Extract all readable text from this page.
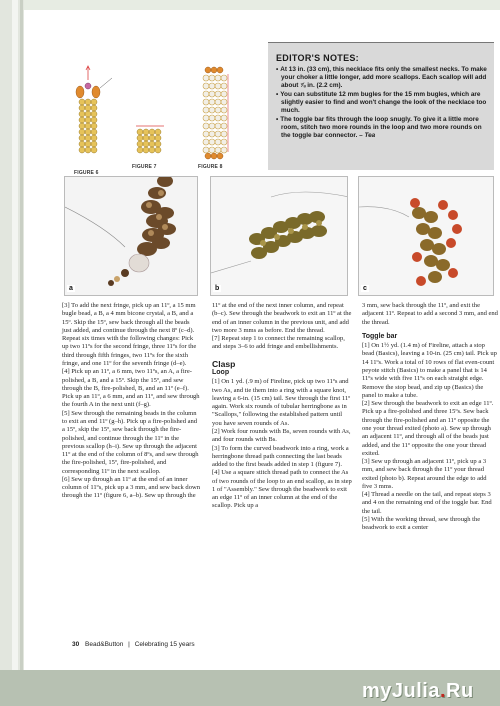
FIGURE 6
FIGURE 7	FIGURE 8
EDITOR'S NOTES:
• At 13 in. (33 cm), this necklace fits only the smallest necks. To make your choker a little longer, add more scallops. Each scallop will add about ⅞ in. (2.2 cm).
• You can substitute 12 mm bugles for the 15 mm bugles, which are slightly easier to find and won't change the look of the necklace too much.
• The toggle bar fits through the loop snugly. To give it a little more room, stitch two more rounds in the loop and two more rounds on the toggle bar connector. – Tea
a	b	c

[3] To add the next fringe, pick up an 11º, a 15 mm bugle bead, a B, a 4 mm bicone crystal, a B, and a 15º. Skip the 15º, sew back through all the beads just added, and continue through the next 8º (c–d). Repeat six times with the following changes: Pick up two 11ºs for the second fringe, three 11ºs for the third through fifth fringes, two 11ºs for the sixth fringe, and one 11º for the seventh fringe (d–e).

[4] Pick up an 11º, a 6 mm, two 11ºs, an A, a fire-polished, a B, and a 15º. Skip the 15º, and sew through the B, fire-polished, B, and an 11º (e–f). Pick up an 11º, a 6 mm, and an 11º, and sew through the fourth A in the next unit (f–g).

[5] Sew through the remaining beads in the column to exit an end 11º (g–h). Pick up a fire-polished and a 15º, skip the 15º, sew back through the fire-polished, and continue through the 11º in the previous scallop (h–i). Sew up through the adjacent 11º at the end of the column of 8ºs, and sew through the fire-polished, 15º, fire-polished, and corresponding 11º in the next scallop.

[6] Sew up through an 11º at the end of an inner column of 11ºs, pick up a 3 mm, and sew back down through the 11º (figure 6, a–b). Sew up through the

11º at the end of the next inner column, and repeat (b–c). Sew through the beadwork to exit an 11º at the end of an inner column in the previous unit, and add two more 3 mms as before. End the thread.

[7] Repeat step 1 to connect the remaining scallop, and steps 3–6 to add fringe and embellishments.

Clasp
Loop

[1] On 1 yd. (.9 m) of Fireline, pick up two 11ºs and two As, and tie them into a ring with a square knot, leaving a 6-in. (15 cm) tail. Sew through the first 11º again. Work six rounds of tubular herringbone as in "Scallops," following the established pattern until you have seven rounds of As.

[2] Work four rounds with Bs, seven rounds with As, and four rounds with Bs.

[3] To form the curved beadwork into a ring, work a herringbone thread path connecting the last beads added to the first beads added in step 1 (figure 7).

[4] Use a square stitch thread path to connect the As of two rounds of the loop to an end scallop, as in step 1 of "Assembly." Sew through the beadwork to exit an edge 11º of an inner column at the end of the scallop. Pick up a

3 mm, sew back through the 11º, and exit the adjacent 11º. Repeat to add a second 3 mm, and end the thread.

Toggle bar

[1] On 1½ yd. (1.4 m) of Fireline, attach a stop bead (Basics), leaving a 10-in. (25 cm) tail. Pick up 14 11ºs. Work a total of 10 rows of flat even-count peyote stitch (Basics) to make a panel that is 14 11ºs wide with five 11ºs on each straight edge. Remove the stop bead, and zip up (Basics) the panel to make a tube.

[2] Sew through the beadwork to exit an edge 11º. Pick up a fire-polished and three 15ºs. Sew back through the fire-polished and an 11º opposite the one your thread exited (photo a). Sew up through an adjacent 11º, and through all of the beads just added, and the 11º opposite the one your thread exited.

[3] Sew up through an adjacent 11º, pick up a 3 mm, and sew back through the 11º your thread exited (photo b). Repeat around the edge to add five 3 mms.

[4] Thread a needle on the tail, and repeat steps 3 and 4 on the remaining end of the toggle bar. End the tail.

[5] With the working thread, sew through the beadwork to exit a center

30 Bead&Button | Celebrating 15 years
myJulia.Ru
